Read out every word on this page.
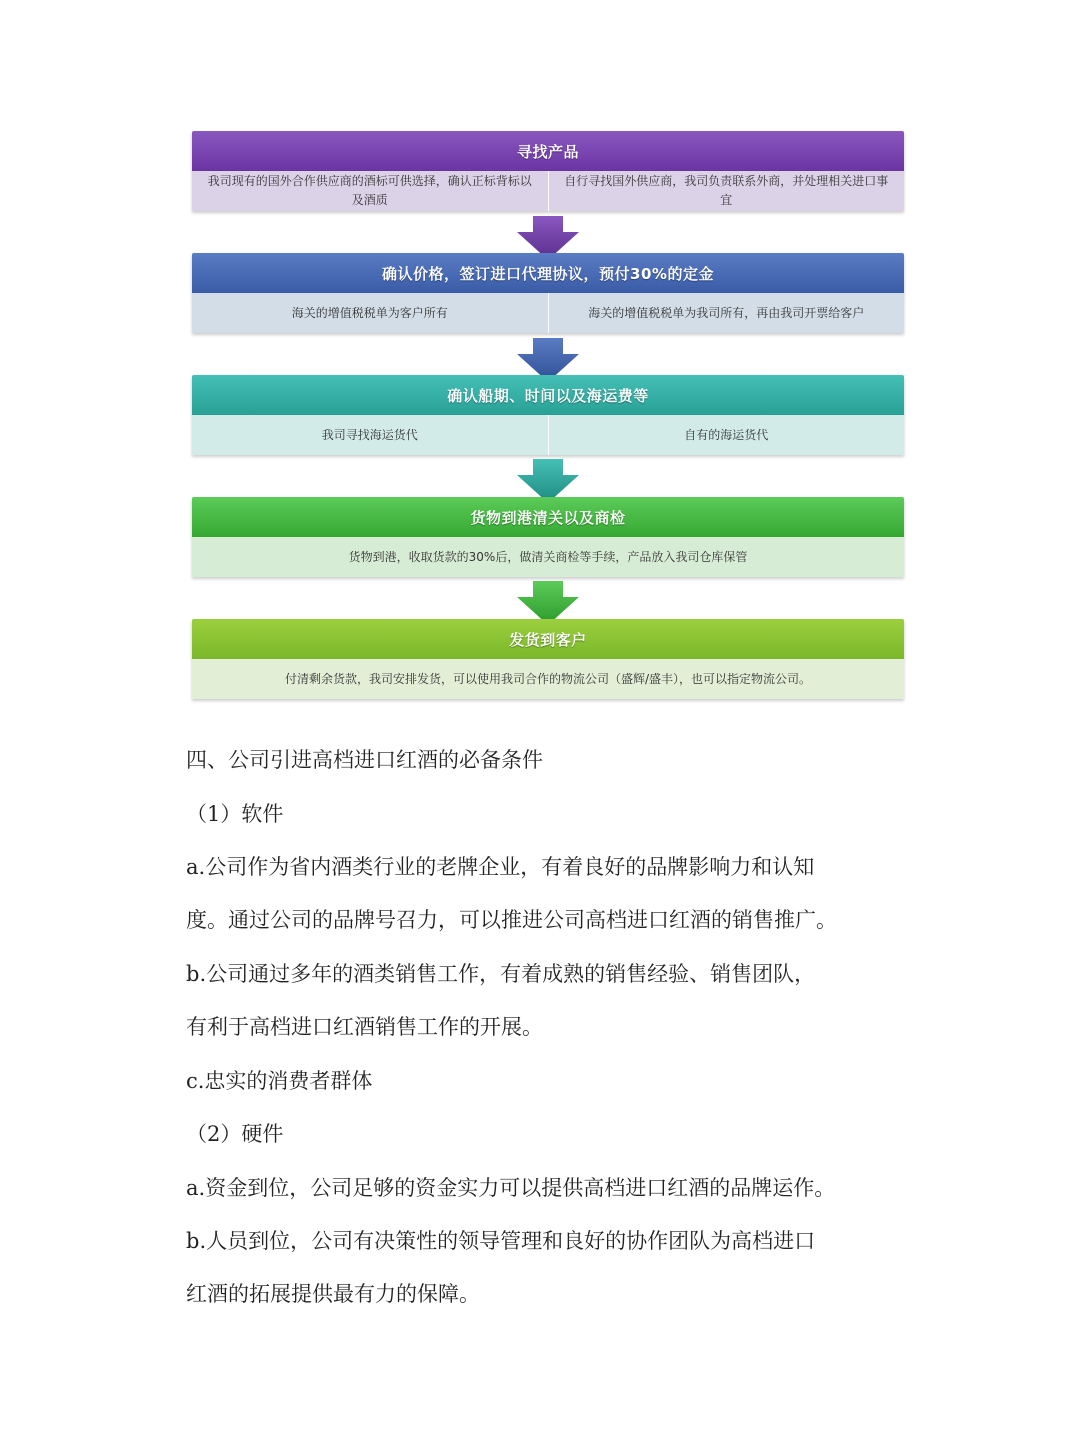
寻找产品
我司现有的国外合作供应商的酒标可供选择，确认正标背标以及酒质
自行寻找国外供应商，我司负责联系外商，并处理相关进口事宜
确认价格，签订进口代理协议，预付30%的定金
海关的增值税税单为客户所有	海关的增值税税单为我司所有，再由我司开票给客户
确认船期、时间以及海运费等
我司寻找海运货代	自有的海运货代
货物到港清关以及商检
货物到港，收取货款的30%后，做清关商检等手续，产品放入我司仓库保管
发货到客户
付清剩余货款，我司安排发货，可以使用我司合作的物流公司（盛辉/盛丰），也可以指定物流公司。
四、公司引进高档进口红酒的必备条件
（1）软件
a.公司作为省内酒类行业的老牌企业，有着良好的品牌影响力和认知
度。通过公司的品牌号召力，可以推进公司高档进口红酒的销售推广。
b.公司通过多年的酒类销售工作，有着成熟的销售经验、销售团队，
有利于高档进口红酒销售工作的开展。
c.忠实的消费者群体
（2）硬件
a.资金到位，公司足够的资金实力可以提供高档进口红酒的品牌运作。
b.人员到位，公司有决策性的领导管理和良好的协作团队为高档进口
红酒的拓展提供最有力的保障。
